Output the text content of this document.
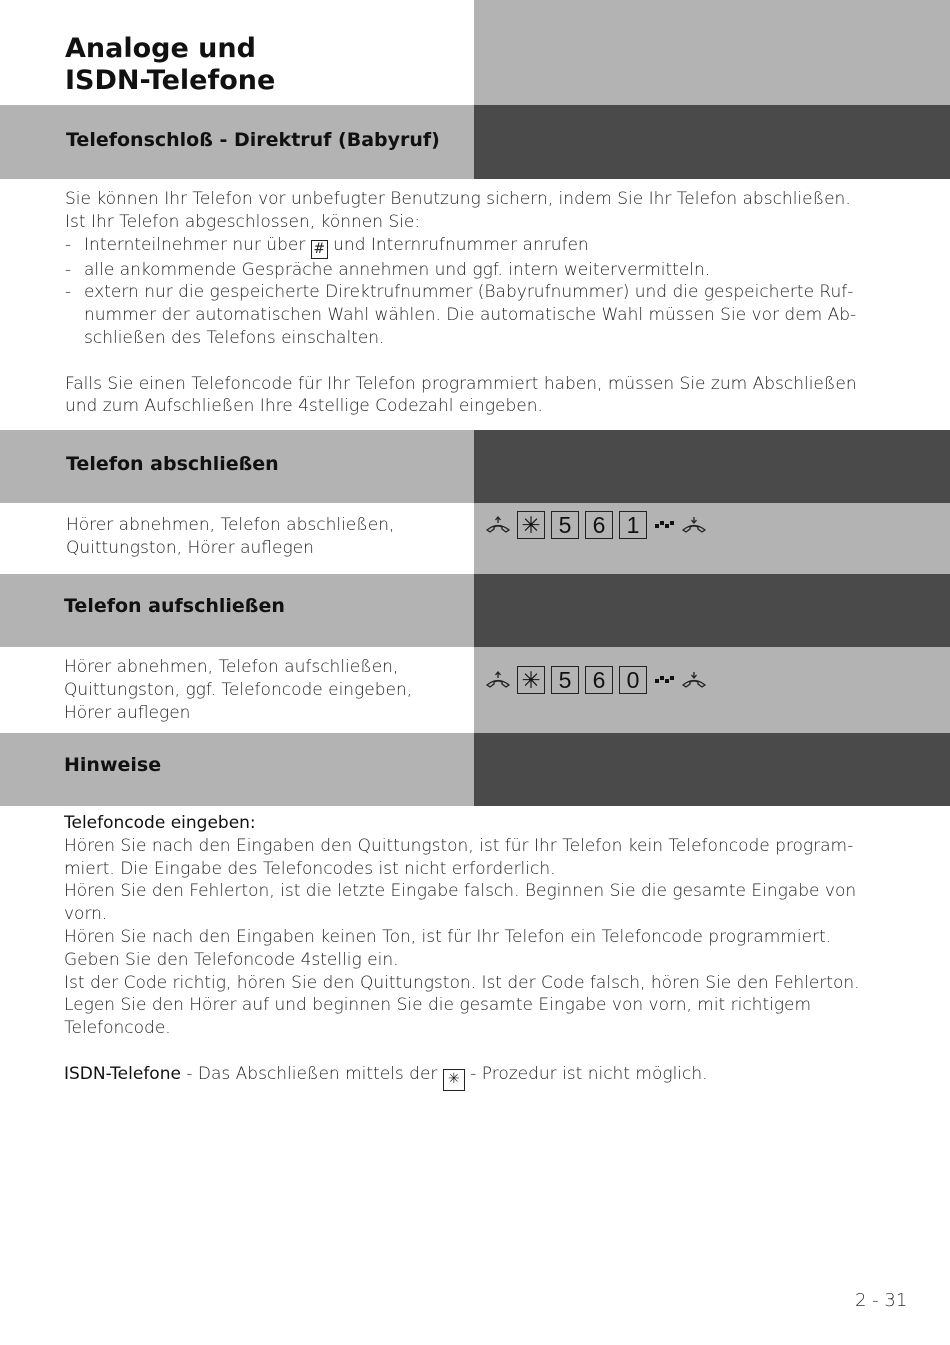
Analoge und
ISDN-Telefone
Telefonschloß - Direktruf (Babyruf)
Sie können Ihr Telefon vor unbefugter Benutzung sichern, indem Sie Ihr Telefon abschließen.
Ist Ihr Telefon abgeschlossen, können Sie:
- Internteilnehmer nur über # und Internrufnummer anrufen
- alle ankommende Gespräche annehmen und ggf. intern weitervermitteln.
- extern nur die gespeicherte Direktrufnummer (Babyrufnummer) und die gespeicherte Ruf-
nummer der automatischen Wahl wählen. Die automatische Wahl müssen Sie vor dem Ab-
schließen des Telefons einschalten.
Falls Sie einen Telefoncode für Ihr Telefon programmiert haben, müssen Sie zum Abschließen
und zum Aufschließen Ihre 4stellige Codezahl eingeben.
Telefon abschließen
Hörer abnehmen, Telefon abschließen,
Quittungston, Hörer auflegen
✳ 5 6 1
Telefon aufschließen
Hörer abnehmen, Telefon aufschließen,
Quittungston, ggf. Telefoncode eingeben,
Hörer auflegen
✳ 5 6 0
Hinweise
Telefoncode eingeben:
Hören Sie nach den Eingaben den Quittungston, ist für Ihr Telefon kein Telefoncode program-
miert. Die Eingabe des Telefoncodes ist nicht erforderlich.
Hören Sie den Fehlerton, ist die letzte Eingabe falsch. Beginnen Sie die gesamte Eingabe von
vorn.
Hören Sie nach den Eingaben keinen Ton, ist für Ihr Telefon ein Telefoncode programmiert.
Geben Sie den Telefoncode 4stellig ein.
Ist der Code richtig, hören Sie den Quittungston. Ist der Code falsch, hören Sie den Fehlerton.
Legen Sie den Hörer auf und beginnen Sie die gesamte Eingabe von vorn, mit richtigem
Telefoncode.
ISDN-Telefone - Das Abschließen mittels der ✳ - Prozedur ist nicht möglich.
2 - 31
